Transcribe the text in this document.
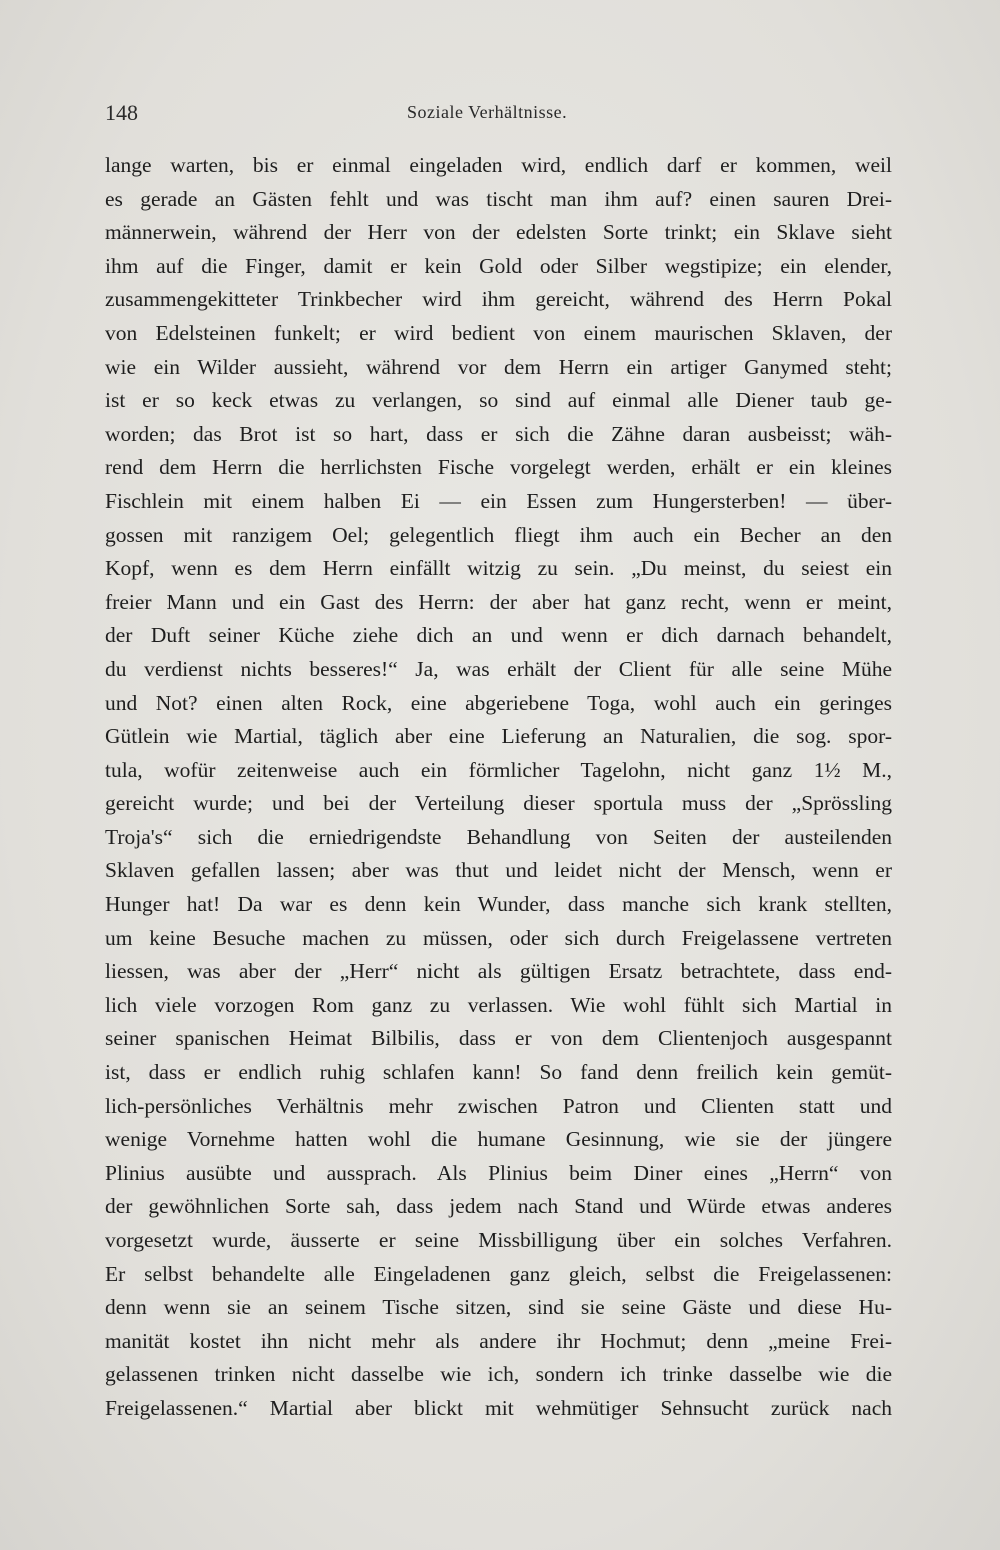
148	Soziale Verhältnisse.
lange warten, bis er einmal eingeladen wird, endlich darf er kommen, weil
es gerade an Gästen fehlt und was tischt man ihm auf? einen sauren Drei-
männerwein, während der Herr von der edelsten Sorte trinkt; ein Sklave sieht
ihm auf die Finger, damit er kein Gold oder Silber wegstipize; ein elender,
zusammengekitteter Trinkbecher wird ihm gereicht, während des Herrn Pokal
von Edelsteinen funkelt; er wird bedient von einem maurischen Sklaven, der
wie ein Wilder aussieht, während vor dem Herrn ein artiger Ganymed steht;
ist er so keck etwas zu verlangen, so sind auf einmal alle Diener taub ge-
worden; das Brot ist so hart, dass er sich die Zähne daran ausbeisst; wäh-
rend dem Herrn die herrlichsten Fische vorgelegt werden, erhält er ein kleines
Fischlein mit einem halben Ei — ein Essen zum Hungersterben! — über-
gossen mit ranzigem Oel; gelegentlich fliegt ihm auch ein Becher an den
Kopf, wenn es dem Herrn einfällt witzig zu sein. „Du meinst, du seiest ein
freier Mann und ein Gast des Herrn: der aber hat ganz recht, wenn er meint,
der Duft seiner Küche ziehe dich an und wenn er dich darnach behandelt,
du verdienst nichts besseres!“ Ja, was erhält der Client für alle seine Mühe
und Not? einen alten Rock, eine abgeriebene Toga, wohl auch ein geringes
Gütlein wie Martial, täglich aber eine Lieferung an Naturalien, die sog. spor-
tula, wofür zeitenweise auch ein förmlicher Tagelohn, nicht ganz 1½ M.,
gereicht wurde; und bei der Verteilung dieser sportula muss der „Sprössling
Troja's“ sich die erniedrigendste Behandlung von Seiten der austeilenden
Sklaven gefallen lassen; aber was thut und leidet nicht der Mensch, wenn er
Hunger hat! Da war es denn kein Wunder, dass manche sich krank stellten,
um keine Besuche machen zu müssen, oder sich durch Freigelassene vertreten
liessen, was aber der „Herr“ nicht als gültigen Ersatz betrachtete, dass end-
lich viele vorzogen Rom ganz zu verlassen. Wie wohl fühlt sich Martial in
seiner spanischen Heimat Bilbilis, dass er von dem Clientenjoch ausgespannt
ist, dass er endlich ruhig schlafen kann! So fand denn freilich kein gemüt-
lich-persönliches Verhältnis mehr zwischen Patron und Clienten statt und
wenige Vornehme hatten wohl die humane Gesinnung, wie sie der jüngere
Plinius ausübte und aussprach. Als Plinius beim Diner eines „Herrn“ von
der gewöhnlichen Sorte sah, dass jedem nach Stand und Würde etwas anderes
vorgesetzt wurde, äusserte er seine Missbilligung über ein solches Verfahren.
Er selbst behandelte alle Eingeladenen ganz gleich, selbst die Freigelassenen:
denn wenn sie an seinem Tische sitzen, sind sie seine Gäste und diese Hu-
manität kostet ihn nicht mehr als andere ihr Hochmut; denn „meine Frei-
gelassenen trinken nicht dasselbe wie ich, sondern ich trinke dasselbe wie die
Freigelassenen.“ Martial aber blickt mit wehmütiger Sehnsucht zurück nach
